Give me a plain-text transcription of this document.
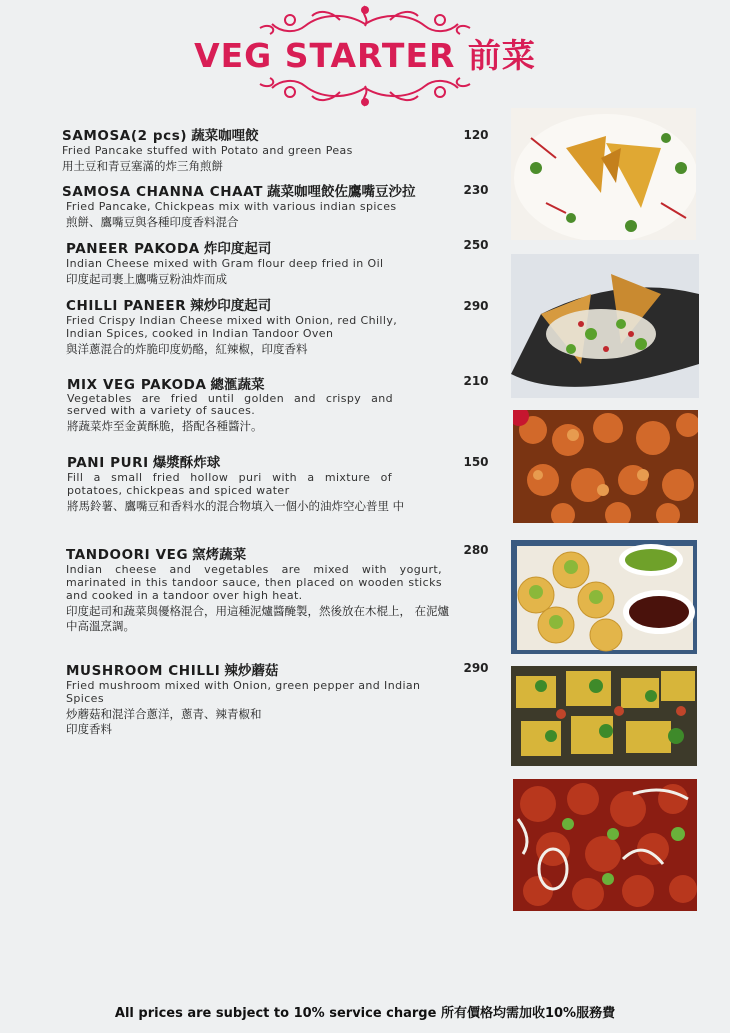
VEG STARTER 前菜
SAMOSA(2 pcs) 蔬菜咖哩餃
Fried Pancake stuffed with Potato and green Peas
用土豆和青豆塞滿的炸三角煎餅
120
SAMOSA CHANNA CHAAT 蔬菜咖哩餃佐鷹嘴豆沙拉
Fried Pancake, Chickpeas mix with various indian spices
煎餅、鷹嘴豆與各種印度香料混合
230
PANEER PAKODA 炸印度起司
Indian Cheese mixed with Gram flour deep fried in Oil
印度起司裹上鷹嘴豆粉油炸而成
250
CHILLI PANEER 辣炒印度起司
Fried Crispy Indian Cheese mixed with Onion, red Chilly, Indian Spices, cooked in Indian Tandoor Oven
與洋蔥混合的炸脆印度奶酪，紅辣椒，印度香料
290
MIX VEG PAKODA 總滙蔬菜
Vegetables are fried until golden and crispy and served with a variety of sauces.
將蔬菜炸至金黃酥脆，搭配各種醬汁。
210
PANI PURI 爆漿酥炸球
Fill a small fried hollow puri with a mixture of potatoes, chickpeas and spiced water
將馬鈴薯、鷹嘴豆和香料水的混合物填入一個小的油炸空心普里 中
150
TANDOORI VEG 窯烤蔬菜
Indian cheese and vegetables are mixed with yogurt, marinated in this tandoor sauce, then placed on wooden sticks and cooked in a tandoor over high heat.
印度起司和蔬菜與優格混合，用這種泥爐醬醃製，然後放在木棍上， 在泥爐中高溫烹調。
280
MUSHROOM CHILLI 辣炒蘑菇
Fried mushroom mixed with Onion, green pepper and Indian Spices
炒蘑菇和混洋合蔥洋，蔥青、辣青椒和印度香料
290
All prices are subject to 10% service charge 所有價格均需加收10%服務費
